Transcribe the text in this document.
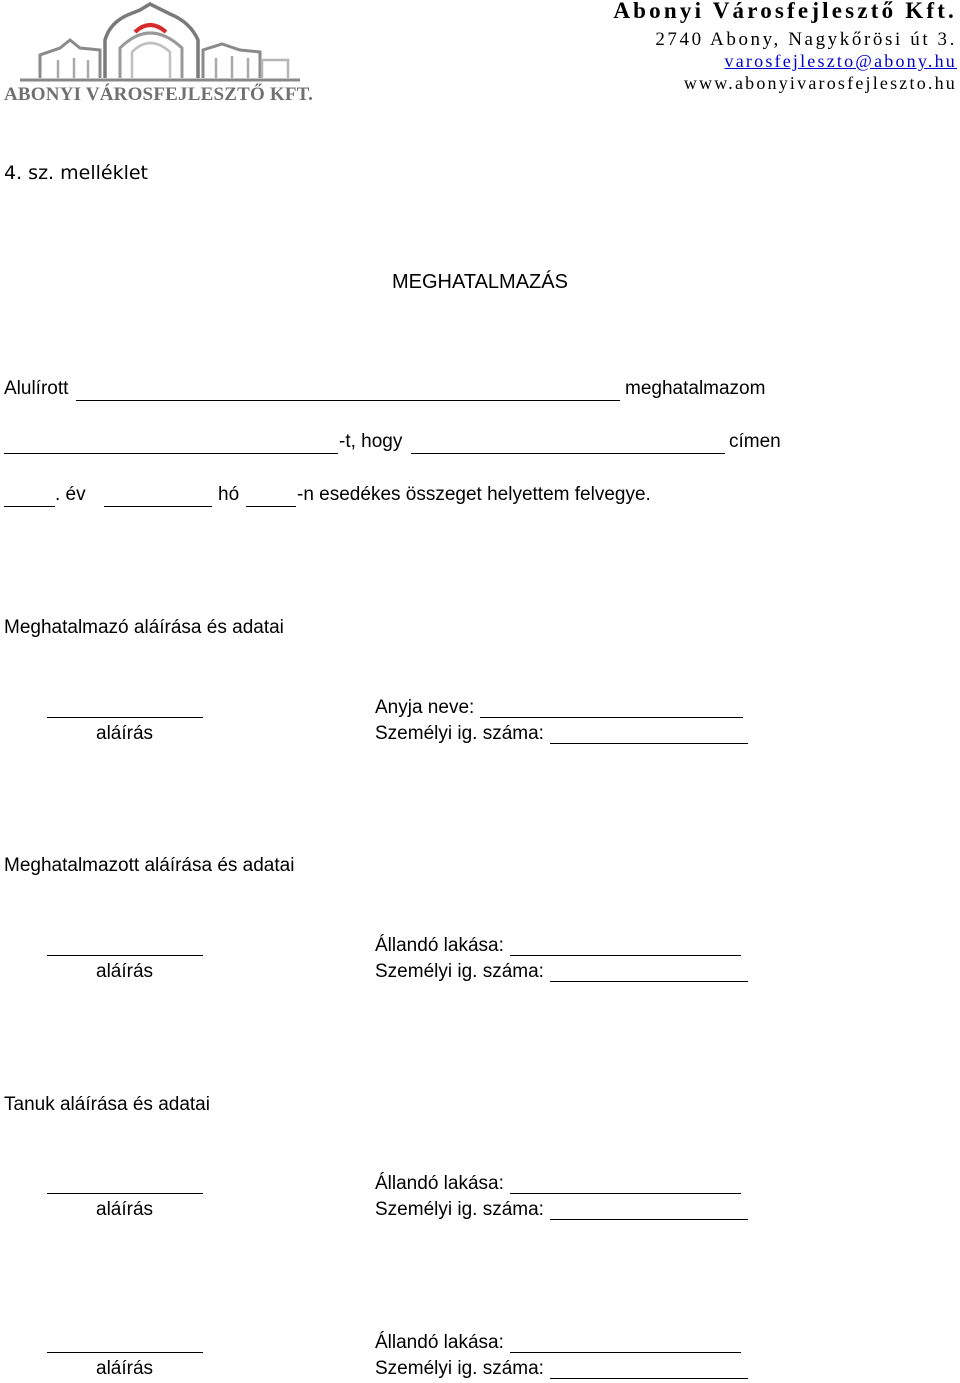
ABONYI VÁROSFEJLESZTŐ KFT.
Abonyi Városfejlesztő Kft.
2740 Abony, Nagykőrösi út 3.
varosfejleszto@abony.hu
www.abonyivarosfejleszto.hu
4. sz. melléklet
MEGHATALMAZÁS
Alulírott	meghatalmazom
-t, hogy	címen
. év	hó	-n esedékes összeget helyettem felvegye.
Meghatalmazó aláírása és adatai
aláírás
Anyja neve:
Személyi ig. száma:
Meghatalmazott aláírása és adatai
aláírás
Állandó lakása:
Személyi ig. száma:
Tanuk aláírása és adatai
aláírás
Állandó lakása:
Személyi ig. száma:
aláírás
Állandó lakása:
Személyi ig. száma:
